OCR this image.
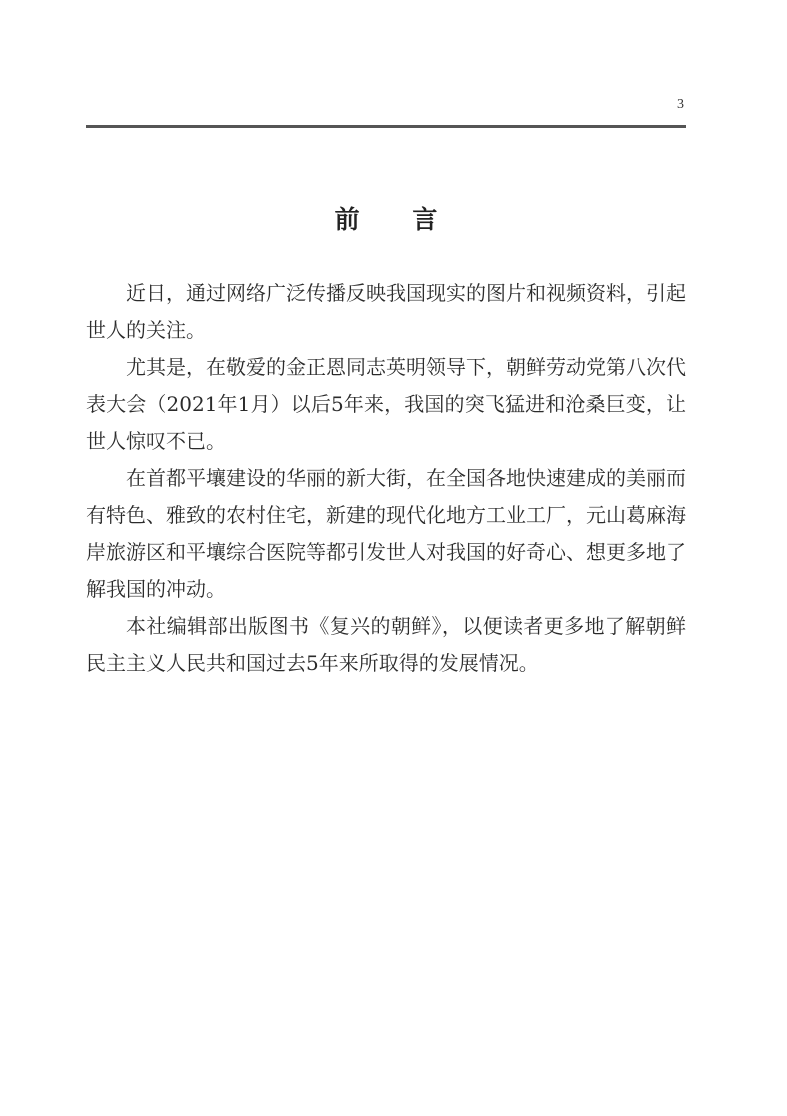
3
前 言

近日，通过网络广泛传播反映我国现实的图片和视频资料，引起世人的关注。

尤其是，在敬爱的金正恩同志英明领导下，朝鲜劳动党第八次代表大会（2021年1月）以后5年来，我国的突飞猛进和沧桑巨变，让世人惊叹不已。

在首都平壤建设的华丽的新大街，在全国各地快速建成的美丽而有特色、雅致的农村住宅，新建的现代化地方工业工厂，元山葛麻海岸旅游区和平壤综合医院等都引发世人对我国的好奇心、想更多地了解我国的冲动。

本社编辑部出版图书《复兴的朝鲜》，以便读者更多地了解朝鲜民主主义人民共和国过去5年来所取得的发展情况。
